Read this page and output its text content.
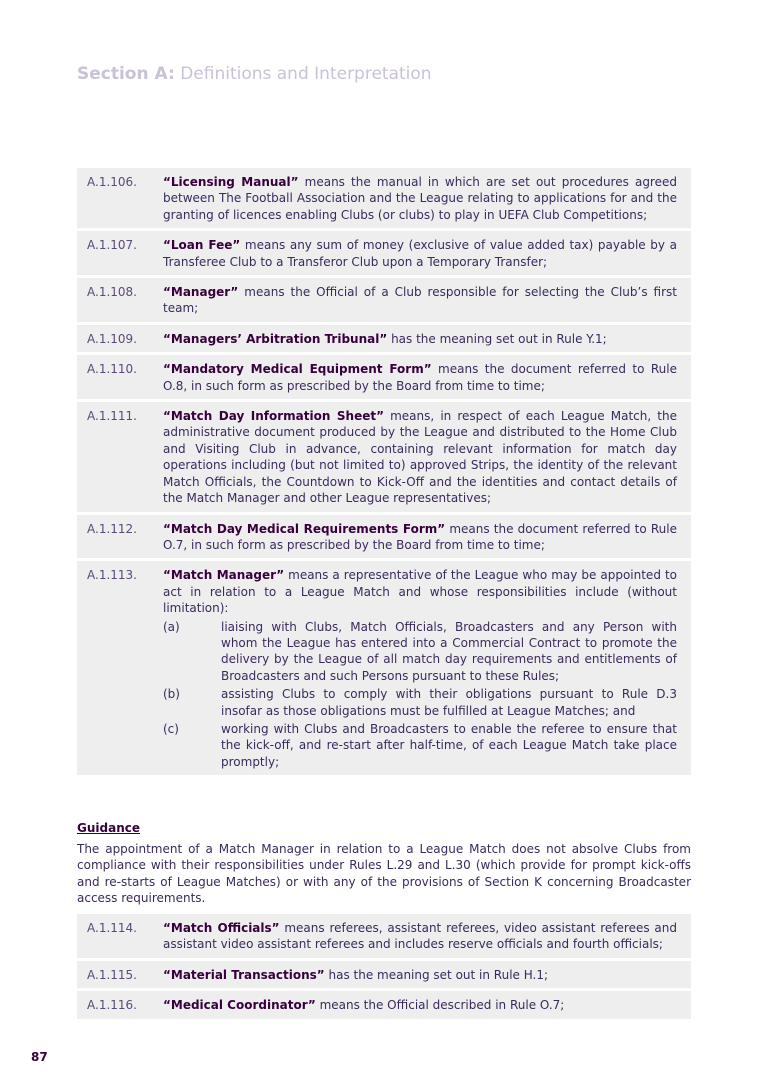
Section A: Definitions and Interpretation
A.1.106.	“Licensing Manual” means the manual in which are set out procedures agreed between The Football Association and the League relating to applications for and the granting of licences enabling Clubs (or clubs) to play in UEFA Club Competitions;
A.1.107.	“Loan Fee” means any sum of money (exclusive of value added tax) payable by a Transferee Club to a Transferor Club upon a Temporary Transfer;
A.1.108.	“Manager” means the Official of a Club responsible for selecting the Club’s first team;
A.1.109.	“Managers’ Arbitration Tribunal” has the meaning set out in Rule Y.1;
A.1.110.	“Mandatory Medical Equipment Form” means the document referred to Rule O.8, in such form as prescribed by the Board from time to time;
A.1.111.	“Match Day Information Sheet” means, in respect of each League Match, the administrative document produced by the League and distributed to the Home Club and Visiting Club in advance, containing relevant information for match day operations including (but not limited to) approved Strips, the identity of the relevant Match Officials, the Countdown to Kick-Off and the identities and contact details of the Match Manager and other League representatives;
A.1.112.	“Match Day Medical Requirements Form” means the document referred to Rule O.7, in such form as prescribed by the Board from time to time;
A.1.113.	“Match Manager” means a representative of the League who may be appointed to act in relation to a League Match and whose responsibilities include (without limitation):
(a)	liaising with Clubs, Match Officials, Broadcasters and any Person with whom the League has entered into a Commercial Contract to promote the delivery by the League of all match day requirements and entitlements of Broadcasters and such Persons pursuant to these Rules;
(b)	assisting Clubs to comply with their obligations pursuant to Rule D.3 insofar as those obligations must be fulfilled at League Matches; and
(c)	working with Clubs and Broadcasters to enable the referee to ensure that the kick-off, and re-start after half-time, of each League Match take place promptly;
Guidance
The appointment of a Match Manager in relation to a League Match does not absolve Clubs from compliance with their responsibilities under Rules L.29 and L.30 (which provide for prompt kick-offs and re-starts of League Matches) or with any of the provisions of Section K concerning Broadcaster access requirements.
A.1.114.	“Match Officials” means referees, assistant referees, video assistant referees and assistant video assistant referees and includes reserve officials and fourth officials;
A.1.115.	“Material Transactions” has the meaning set out in Rule H.1;
A.1.116.	“Medical Coordinator” means the Official described in Rule O.7;
87
